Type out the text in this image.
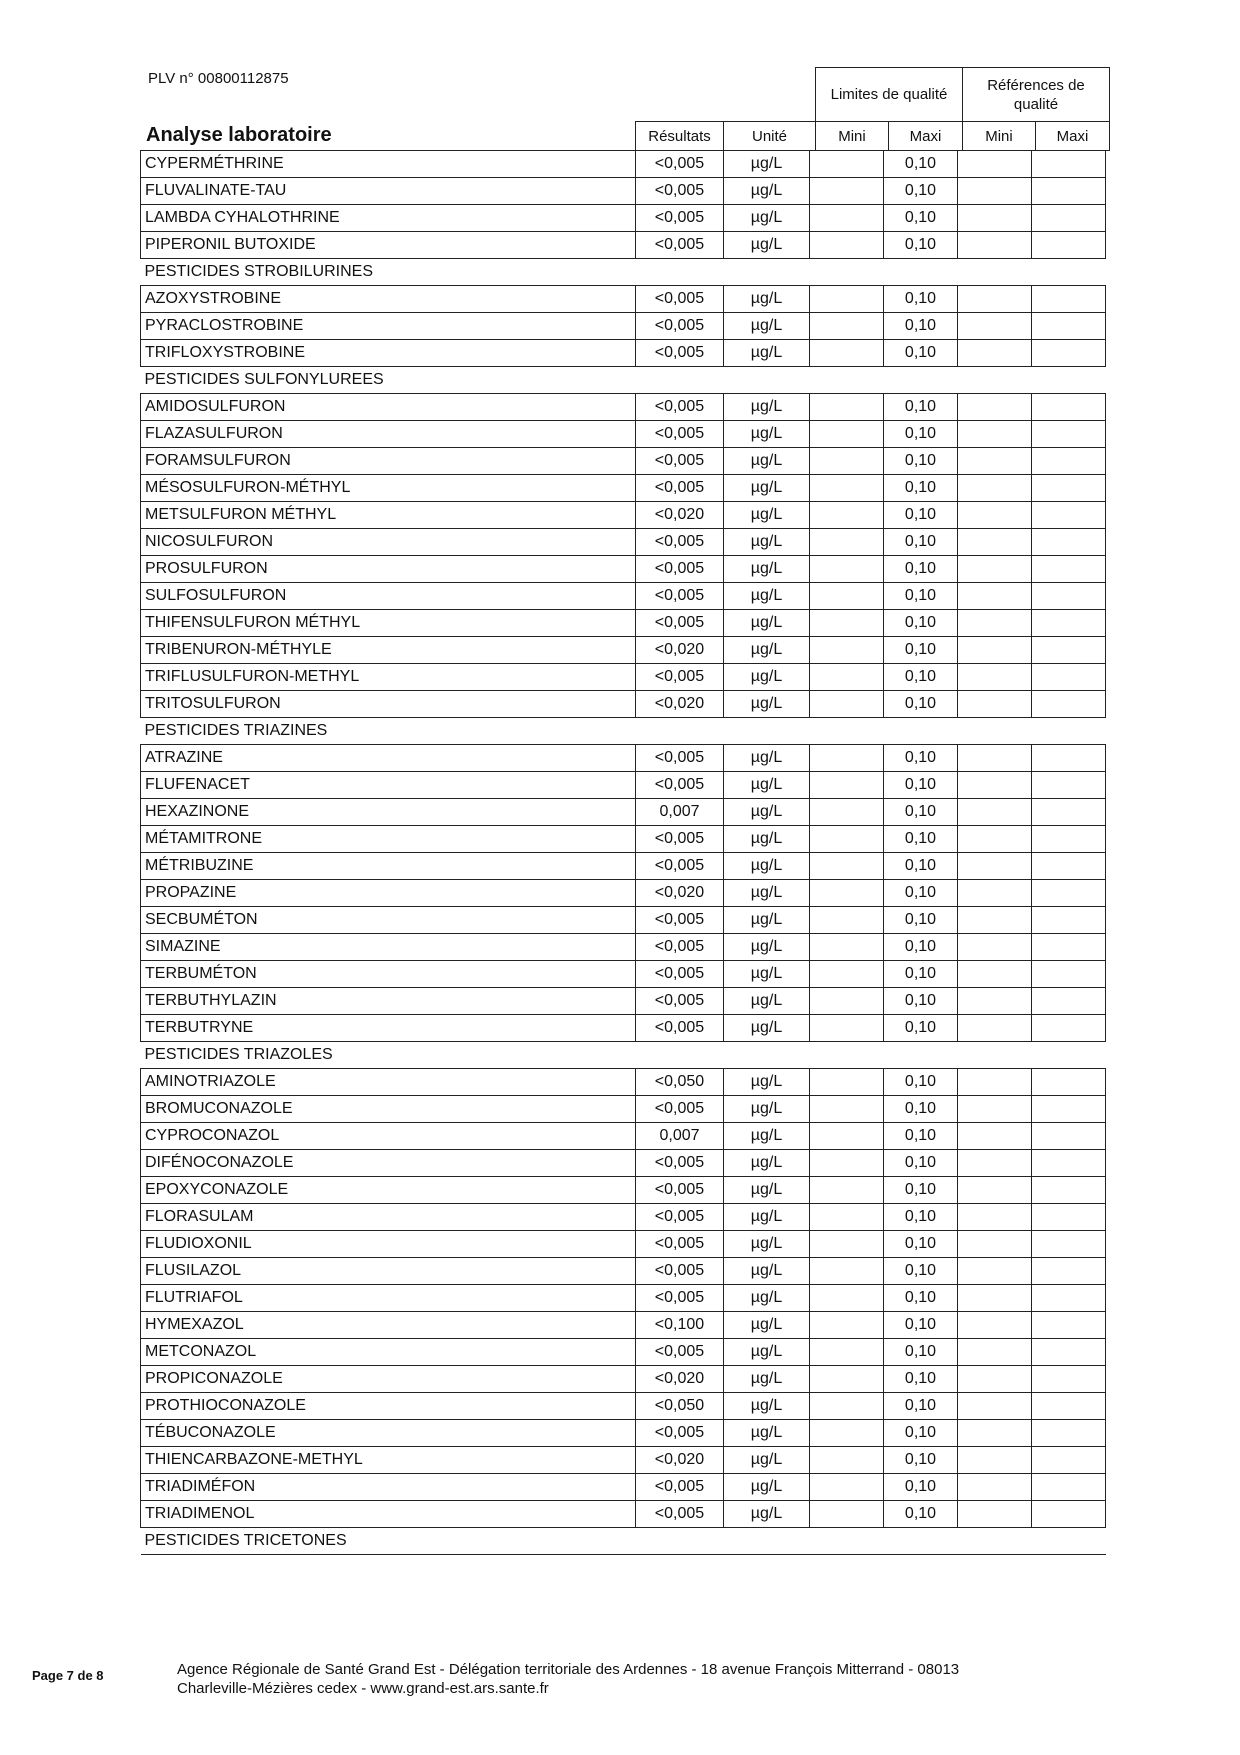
PLV n° 00800112875
Limites de qualité
Références de qualité
Analyse laboratoire	Résultats	Unité	Mini	Maxi	Mini	Maxi
CYPERMÉTHRINE	<0,005	µg/L		0,10		
FLUVALINATE-TAU	<0,005	µg/L		0,10		
LAMBDA CYHALOTHRINE	<0,005	µg/L		0,10		
PIPERONIL BUTOXIDE	<0,005	µg/L		0,10		
PESTICIDES STROBILURINES						
AZOXYSTROBINE	<0,005	µg/L		0,10		
PYRACLOSTROBINE	<0,005	µg/L		0,10		
TRIFLOXYSTROBINE	<0,005	µg/L		0,10		
PESTICIDES SULFONYLUREES						
AMIDOSULFURON	<0,005	µg/L		0,10		
FLAZASULFURON	<0,005	µg/L		0,10		
FORAMSULFURON	<0,005	µg/L		0,10		
MÉSOSULFURON-MÉTHYL	<0,005	µg/L		0,10		
METSULFURON MÉTHYL	<0,020	µg/L		0,10		
NICOSULFURON	<0,005	µg/L		0,10		
PROSULFURON	<0,005	µg/L		0,10		
SULFOSULFURON	<0,005	µg/L		0,10		
THIFENSULFURON MÉTHYL	<0,005	µg/L		0,10		
TRIBENURON-MÉTHYLE	<0,020	µg/L		0,10		
TRIFLUSULFURON-METHYL	<0,005	µg/L		0,10		
TRITOSULFURON	<0,020	µg/L		0,10		
PESTICIDES TRIAZINES						
ATRAZINE	<0,005	µg/L		0,10		
FLUFENACET	<0,005	µg/L		0,10		
HEXAZINONE	0,007	µg/L		0,10		
MÉTAMITRONE	<0,005	µg/L		0,10		
MÉTRIBUZINE	<0,005	µg/L		0,10		
PROPAZINE	<0,020	µg/L		0,10		
SECBUMÉTON	<0,005	µg/L		0,10		
SIMAZINE	<0,005	µg/L		0,10		
TERBUMÉTON	<0,005	µg/L		0,10		
TERBUTHYLAZIN	<0,005	µg/L		0,10		
TERBUTRYNE	<0,005	µg/L		0,10		
PESTICIDES TRIAZOLES						
AMINOTRIAZOLE	<0,050	µg/L		0,10		
BROMUCONAZOLE	<0,005	µg/L		0,10		
CYPROCONAZOL	0,007	µg/L		0,10		
DIFÉNOCONAZOLE	<0,005	µg/L		0,10		
EPOXYCONAZOLE	<0,005	µg/L		0,10		
FLORASULAM	<0,005	µg/L		0,10		
FLUDIOXONIL	<0,005	µg/L		0,10		
FLUSILAZOL	<0,005	µg/L		0,10		
FLUTRIAFOL	<0,005	µg/L		0,10		
HYMEXAZOL	<0,100	µg/L		0,10		
METCONAZOL	<0,005	µg/L		0,10		
PROPICONAZOLE	<0,020	µg/L		0,10		
PROTHIOCONAZOLE	<0,050	µg/L		0,10		
TÉBUCONAZOLE	<0,005	µg/L		0,10		
THIENCARBAZONE-METHYL	<0,020	µg/L		0,10		
TRIADIMÉFON	<0,005	µg/L		0,10		
TRIADIMENOL	<0,005	µg/L		0,10		
PESTICIDES TRICETONES						
Page 7 de 8	Agence Régionale de Santé Grand Est - Délégation territoriale des Ardennes - 18 avenue François Mitterrand - 08013
Charleville-Mézières cedex - www.grand-est.ars.sante.fr
